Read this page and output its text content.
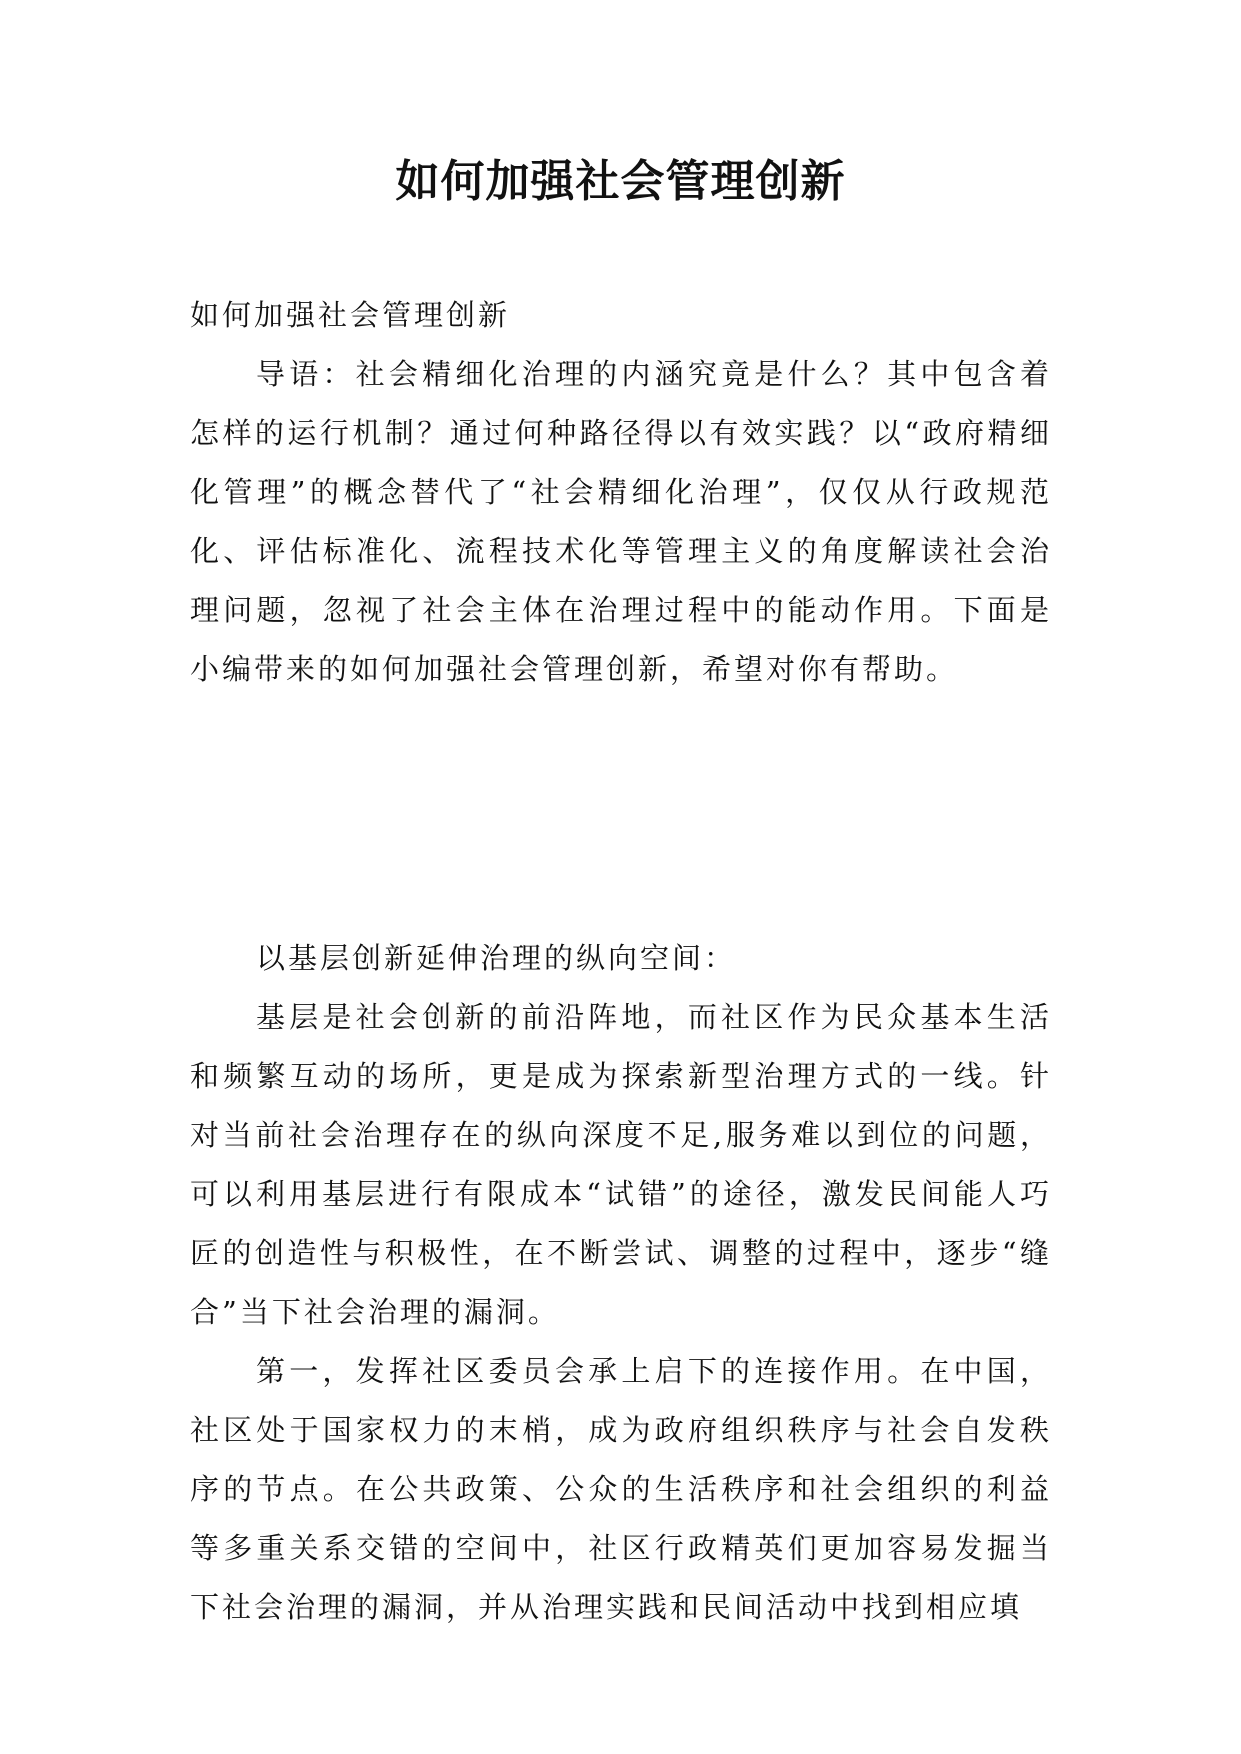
如何加强社会管理创新

如何加强社会管理创新

导语：社会精细化治理的内涵究竟是什么？其中包含着怎样的运行机制？通过何种路径得以有效实践？以“政府精细化管理”的概念替代了“社会精细化治理”，仅仅从行政规范化、评估标准化、流程技术化等管理主义的角度解读社会治理问题，忽视了社会主体在治理过程中的能动作用。下面是小编带来的如何加强社会管理创新，希望对你有帮助。

以基层创新延伸治理的纵向空间：

基层是社会创新的前沿阵地，而社区作为民众基本生活和频繁互动的场所，更是成为探索新型治理方式的一线。针对当前社会治理存在的纵向深度不足,服务难以到位的问题，可以利用基层进行有限成本“试错”的途径，激发民间能人巧匠的创造性与积极性，在不断尝试、调整的过程中，逐步“缝合”当下社会治理的漏洞。

第一，发挥社区委员会承上启下的连接作用。在中国，社区处于国家权力的末梢，成为政府组织秩序与社会自发秩序的节点。在公共政策、公众的生活秩序和社会组织的利益等多重关系交错的空间中，社区行政精英们更加容易发掘当下社会治理的漏洞，并从治理实践和民间活动中找到相应填
